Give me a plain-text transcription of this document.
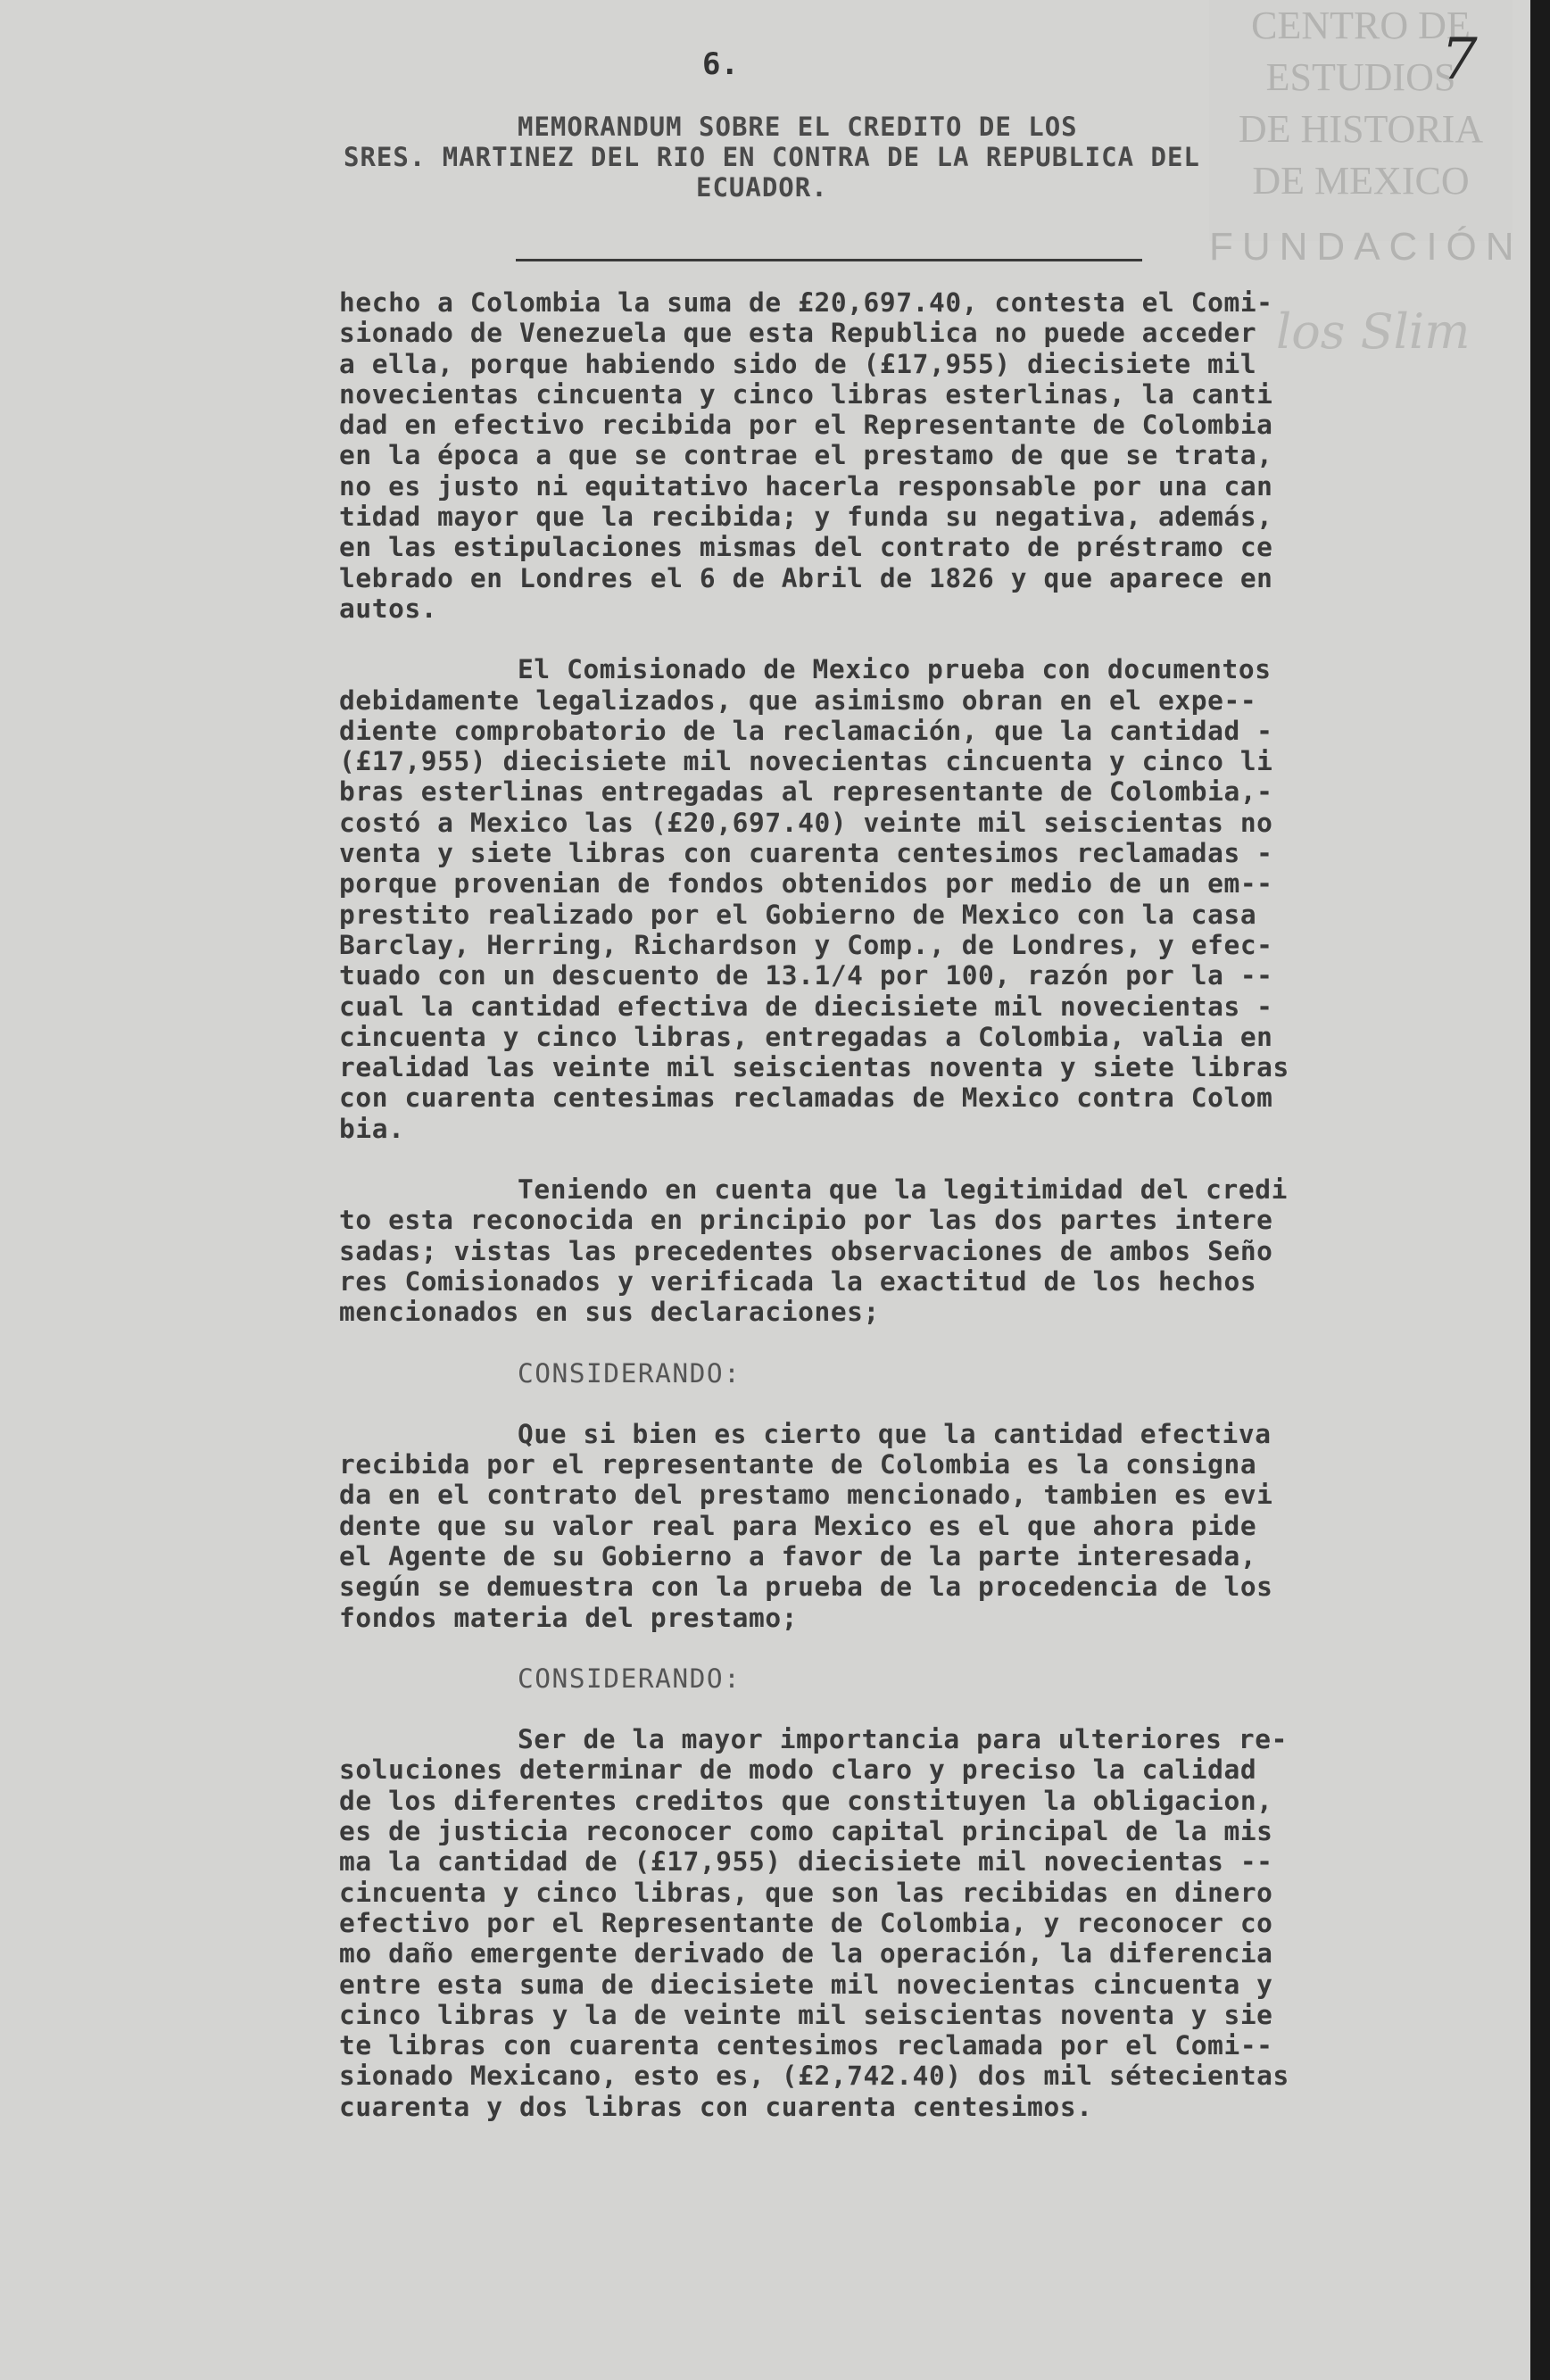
CENTRO DE
ESTUDIOS
DE HISTORIA
DE MEXICO
FUNDACIÓN
los Slim
6.	7
MEMORANDUM SOBRE EL CREDITO DE LOS
SRES. MARTINEZ DEL RIO EN CONTRA DE LA REPUBLICA DEL
ECUADOR.
hecho a Colombia la suma de £20,697.40, contesta el Comi-
sionado de Venezuela que esta Republica no puede acceder
a ella, porque habiendo sido de (£17,955) diecisiete mil
novecientas cincuenta y cinco libras esterlinas, la canti
dad en efectivo recibida por el Representante de Colombia
en la época a que se contrae el prestamo de que se trata,
no es justo ni equitativo hacerla responsable por una can
tidad mayor que la recibida; y funda su negativa, además,
en las estipulaciones mismas del contrato de préstramo ce
lebrado en Londres el 6 de Abril de 1826 y que aparece en
autos.
El Comisionado de Mexico prueba con documentos
debidamente legalizados, que asimismo obran en el expe--
diente comprobatorio de la reclamación, que la cantidad -
(£17,955) diecisiete mil novecientas cincuenta y cinco li
bras esterlinas entregadas al representante de Colombia,-
costó a Mexico las (£20,697.40) veinte mil seiscientas no
venta y siete libras con cuarenta centesimos reclamadas -
porque provenian de fondos obtenidos por medio de un em--
prestito realizado por el Gobierno de Mexico con la casa
Barclay, Herring, Richardson y Comp., de Londres, y efec-
tuado con un descuento de 13.1/4 por 100, razón por la --
cual la cantidad efectiva de diecisiete mil novecientas -
cincuenta y cinco libras, entregadas a Colombia, valia en
realidad las veinte mil seiscientas noventa y siete libras
con cuarenta centesimas reclamadas de Mexico contra Colom
bia.
Teniendo en cuenta que la legitimidad del credi
to esta reconocida en principio por las dos partes intere
sadas; vistas las precedentes observaciones de ambos Seño
res Comisionados y verificada la exactitud de los hechos
mencionados en sus declaraciones;
CONSIDERANDO:
Que si bien es cierto que la cantidad efectiva
recibida por el representante de Colombia es la consigna
da en el contrato del prestamo mencionado, tambien es evi
dente que su valor real para Mexico es el que ahora pide
el Agente de su Gobierno a favor de la parte interesada,
según se demuestra con la prueba de la procedencia de los
fondos materia del prestamo;
CONSIDERANDO:
Ser de la mayor importancia para ulteriores re-
soluciones determinar de modo claro y preciso la calidad
de los diferentes creditos que constituyen la obligacion,
es de justicia reconocer como capital principal de la mis
ma la cantidad de (£17,955) diecisiete mil novecientas --
cincuenta y cinco libras, que son las recibidas en dinero
efectivo por el Representante de Colombia, y reconocer co
mo daño emergente derivado de la operación, la diferencia
entre esta suma de diecisiete mil novecientas cincuenta y
cinco libras y la de veinte mil seiscientas noventa y sie
te libras con cuarenta centesimos reclamada por el Comi--
sionado Mexicano, esto es, (£2,742.40) dos mil sétecientas
cuarenta y dos libras con cuarenta centesimos.
